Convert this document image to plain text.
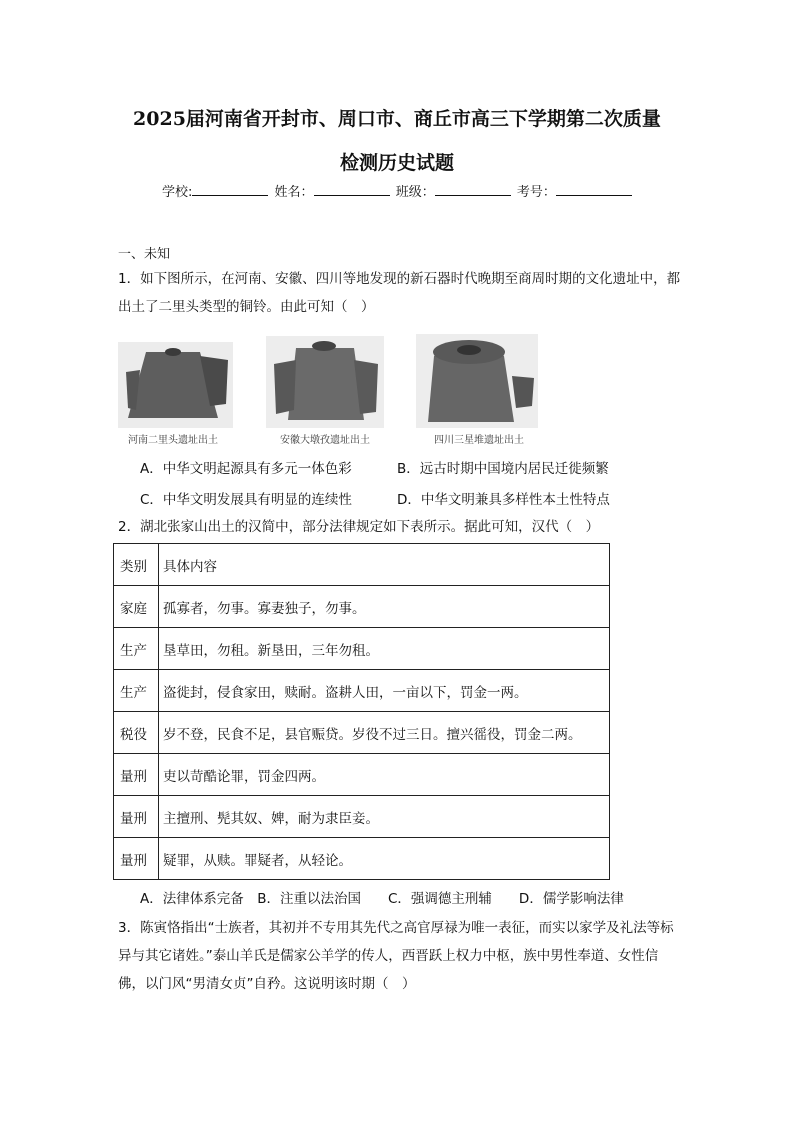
2025届河南省开封市、周口市、商丘市高三下学期第二次质量
检测历史试题
学校:	姓名：	班级：	考号：
一、未知
1．如下图所示，在河南、安徽、四川等地发现的新石器时代晚期至商周时期的文化遗址中，都出土了二里头类型的铜铃。由此可知（　）
河南二里头遗址出土	安徽大墩孜遗址出土	四川三星堆遗址出土
A．中华文明起源具有多元一体色彩	B．远古时期中国境内居民迁徙频繁
C．中华文明发展具有明显的连续性	D．中华文明兼具多样性本土性特点
2．湖北张家山出土的汉简中，部分法律规定如下表所示。据此可知，汉代（　）
类别	具体内容
家庭	孤寡者，勿事。寡妻独子，勿事。
生产	垦草田，勿租。新垦田，三年勿租。
生产	盗徙封，侵食家田，赎耐。盗耕人田，一亩以下，罚金一两。
税役	岁不登，民食不足，县官赈贷。岁役不过三日。擅兴徭役，罚金二两。
量刑	吏以苛酷论罪，罚金四两。
量刑	主擅刑、髡其奴、婢，耐为隶臣妾。
量刑	疑罪，从赎。罪疑者，从轻论。
A．法律体系完备　B．注重以法治国　　C．强调德主刑辅　　D．儒学影响法律
3．陈寅恪指出“士族者，其初并不专用其先代之高官厚禄为唯一表征，而实以家学及礼法等标异与其它诸姓。”泰山羊氏是儒家公羊学的传人，西晋跃上权力中枢，族中男性奉道、女性信佛，以门风“男清女贞”自矜。这说明该时期（　）
